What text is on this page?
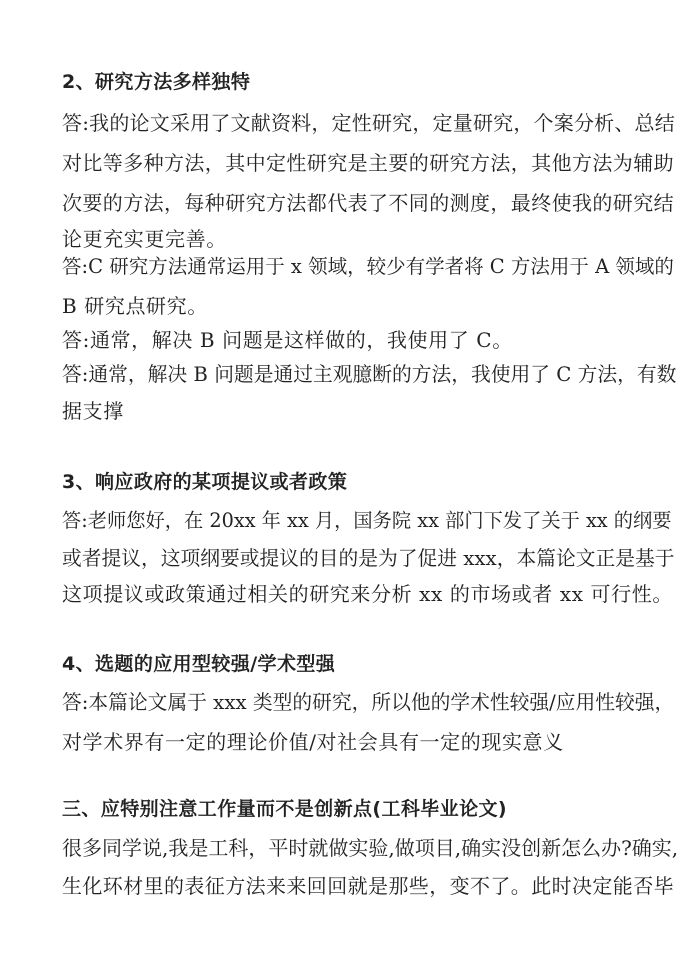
2、研究方法多样独特
答:我的论文采用了文献资料，定性研究，定量研究，个案分析、总结
对比等多种方法，其中定性研究是主要的研究方法，其他方法为辅助
次要的方法，每种研究方法都代表了不同的测度，最终使我的研究结
论更充实更完善。
答:C 研究方法通常运用于 x 领域，较少有学者将 C 方法用于 A 领域的
B 研究点研究。
答:通常，解决 B 问题是这样做的，我使用了 C。
答:通常，解决 B 问题是通过主观臆断的方法，我使用了 C 方法，有数
据支撑
3、响应政府的某项提议或者政策
答:老师您好，在 20xx 年 xx 月，国务院 xx 部门下发了关于 xx 的纲要
或者提议，这项纲要或提议的目的是为了促进 xxx，本篇论文正是基于
这项提议或政策通过相关的研究来分析 xx 的市场或者 xx 可行性。
4、选题的应用型较强/学术型强
答:本篇论文属于 xxx 类型的研究，所以他的学术性较强/应用性较强，
对学术界有一定的理论价值/对社会具有一定的现实意义
三、应特别注意工作量而不是创新点(工科毕业论文)
很多同学说,我是工科，平时就做实验,做项目,确实没创新怎么办?确实,
生化环材里的表征方法来来回回就是那些，变不了。此时决定能否毕
